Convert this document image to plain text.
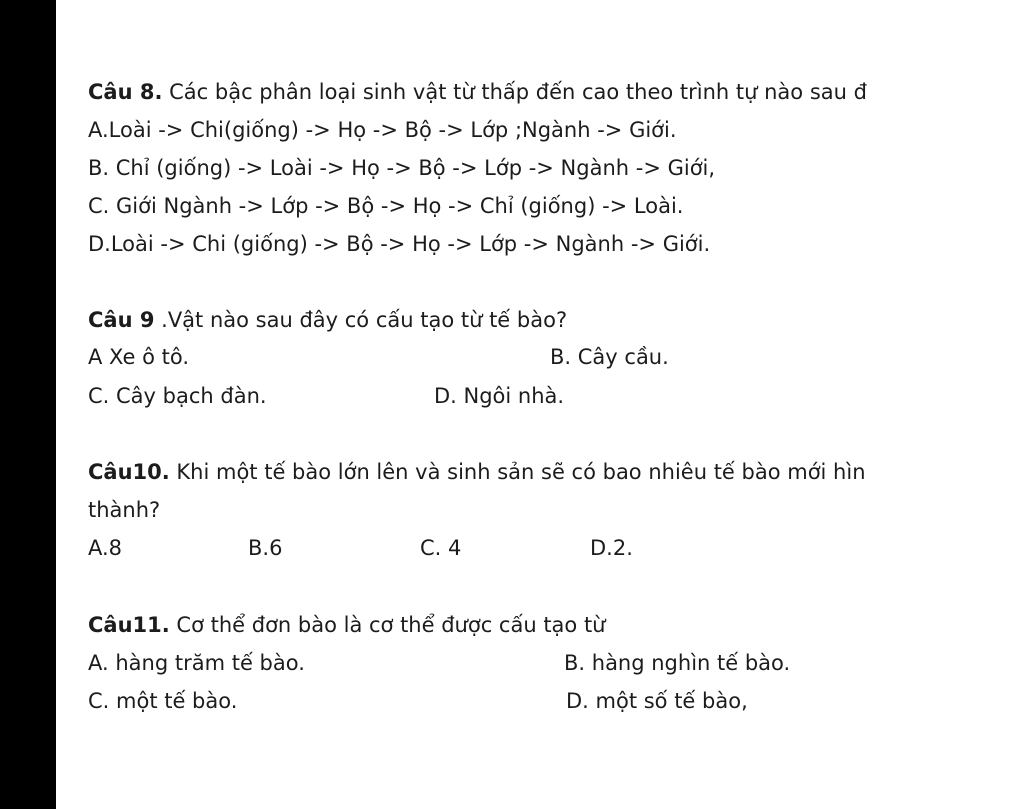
Câu 8. Các bậc phân loại sinh vật từ thấp đến cao theo trình tự nào sau đ

A.Loài -> Chi(giống) -> Họ -> Bộ -> Lớp ;Ngành -> Giới.

B. Chỉ (giống) -> Loài -> Họ -> Bộ -> Lớp -> Ngành -> Giới,

C. Giới Ngành -> Lớp -> Bộ -> Họ -> Chỉ (giống) -> Loài.

D.Loài -> Chi (giống) -> Bộ -> Họ -> Lớp -> Ngành -> Giới.

Câu 9 .Vật nào sau đây có cấu tạo từ tế bào?

A Xe ô tô.	B. Cây cầu.
C. Cây bạch đàn.	D. Ngôi nhà.

Câu10. Khi một tế bào lớn lên và sinh sản sẽ có bao nhiêu tế bào mới hìn

thành?

A.8	B.6	C. 4	D.2.

Câu11. Cơ thể đơn bào là cơ thể được cấu tạo từ

A. hàng trăm tế bào.	B. hàng nghìn tế bào.
C. một tế bào.	D. một số tế bào,
